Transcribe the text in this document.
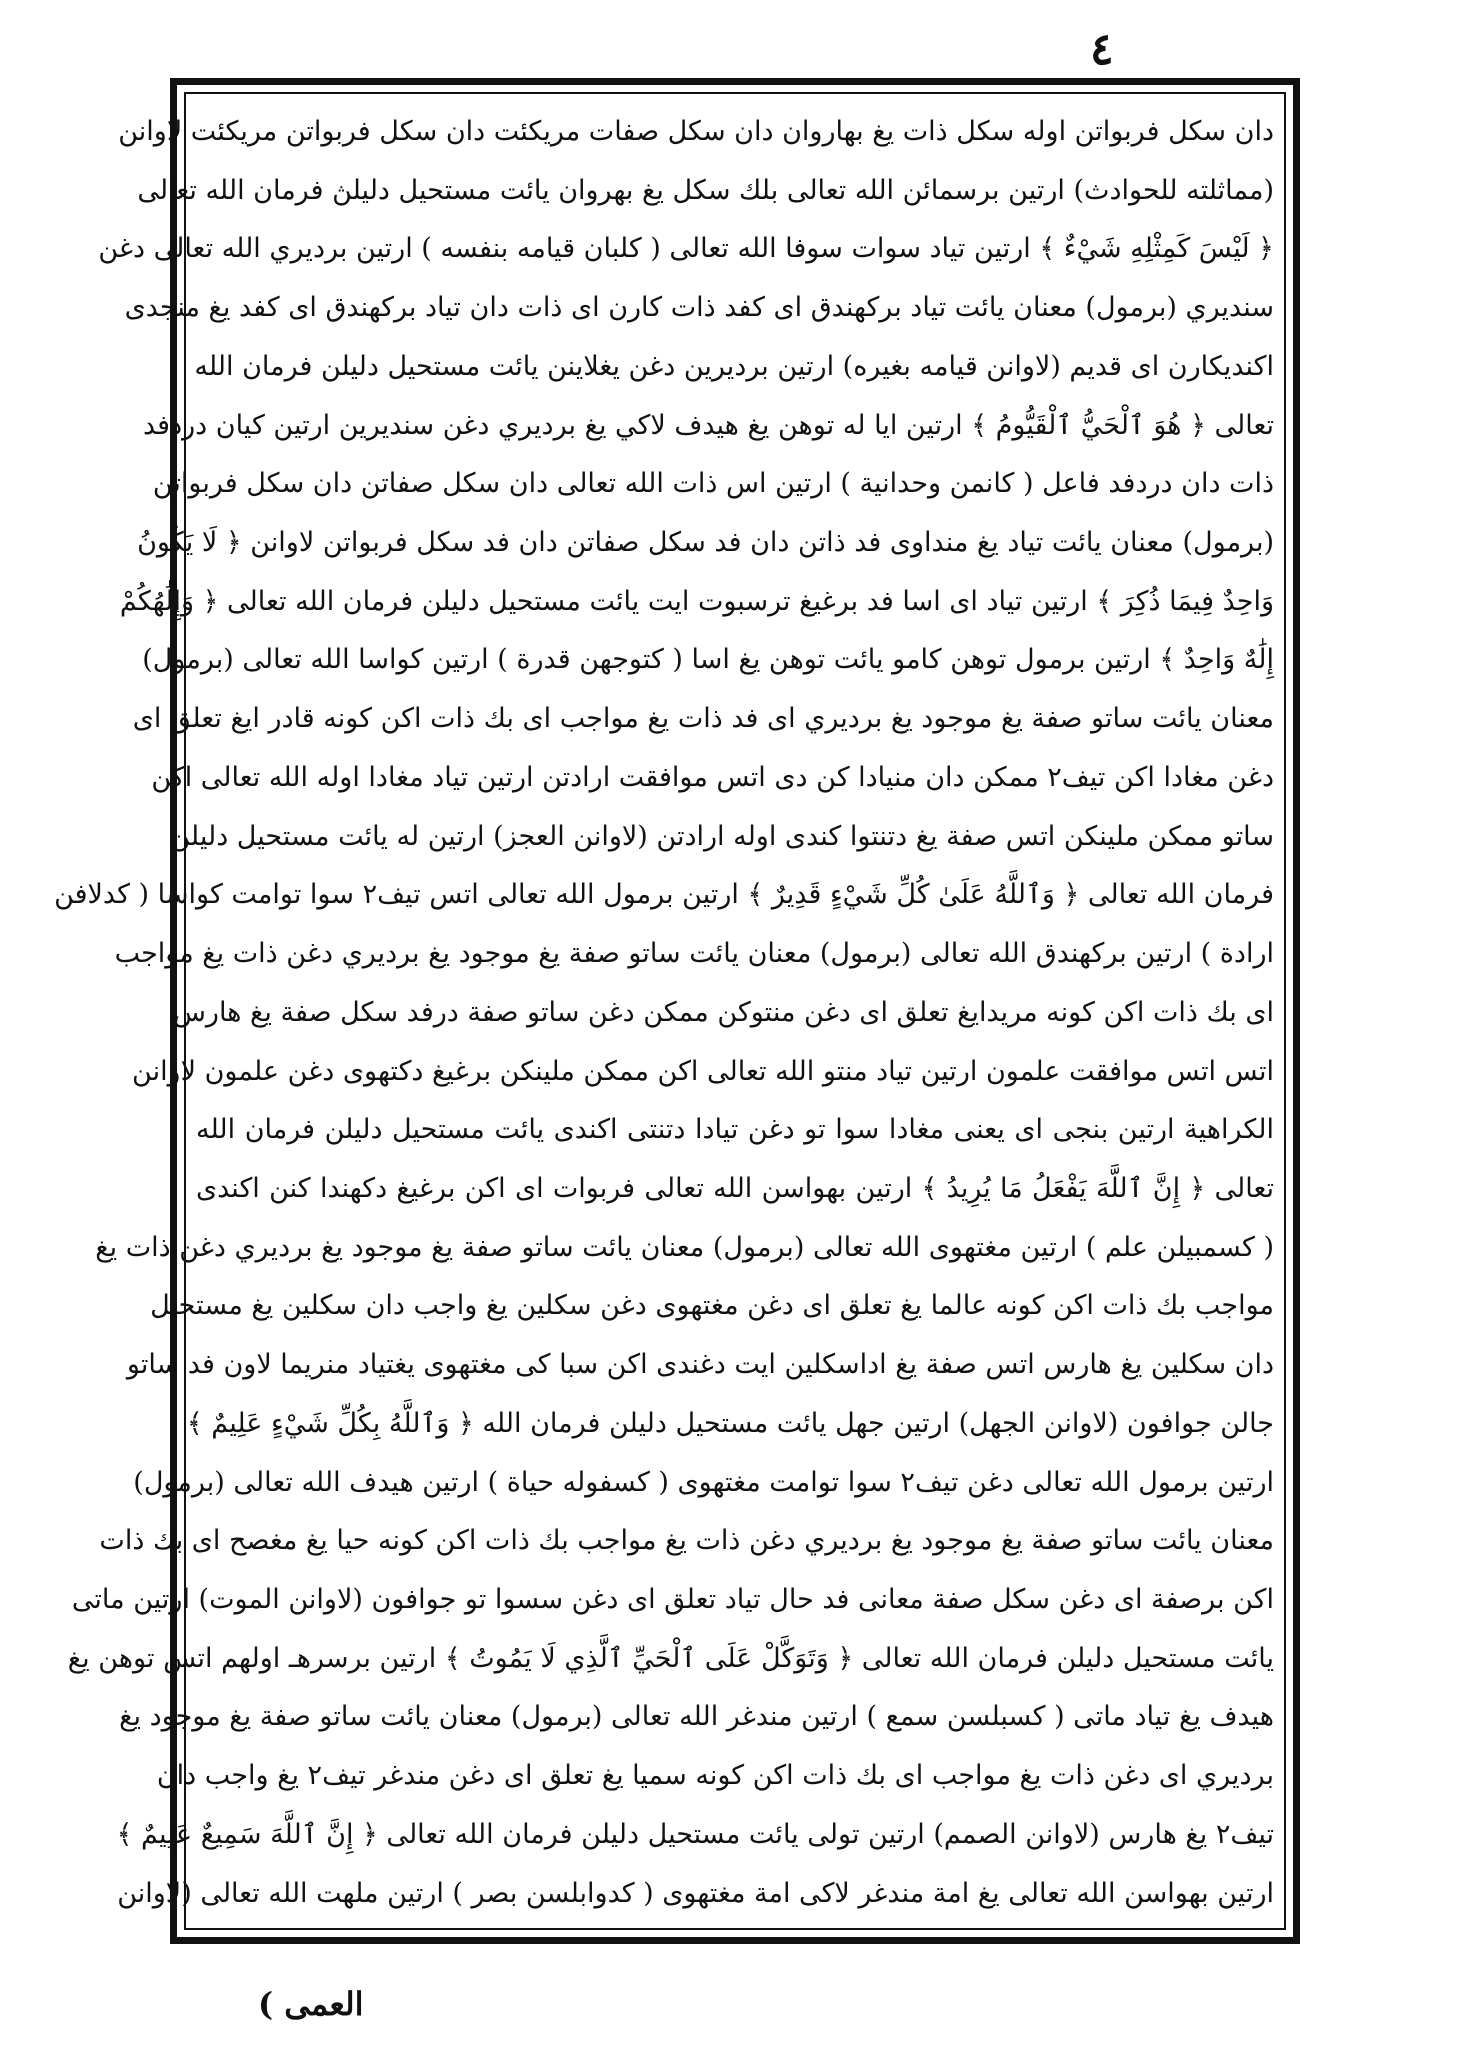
٤
دان سکل فربواتن اوله سکل ذات یغ بهاروان دان سکل صفات مریکئت دان سکل فربواتن مریکئت لاوانن
(مماثلته للحوادث) ارتين برسمائن الله تعالى بلك سکل یغ بهروان يائت مستحيل دليلڽ فرمان الله تعالى
﴿ لَيْسَ كَمِثْلِهِ شَيْءٌ ﴾ ارتين تياد سوات سوفا الله تعالى ( كلبان قيامه بنفسه ) ارتين برديري الله تعالى دغن
سنديري (برمول) معنان يائت تياد بركهندق اى كفد ذات كارن اى ذات دان تياد بركهندق اى كفد يغ منجدى
اكنديكارن اى قديم (لاوانن قيامه بغيره) ارتين برديرين دغن يغلاينن يائت مستحيل دليلن فرمان الله
تعالى ﴿ هُوَ ٱلْحَيُّ ٱلْقَيُّومُ ﴾ ارتين ايا له توهن يغ هيدف لاكي يغ برديري دغن سنديرين ارتين كيان دردفد
ذات دان دردفد فاعل ( كانمن وحدانية ) ارتين اس ذات الله تعالى دان سكل صفاتن دان سكل فربواتن
(برمول) معنان يائت تياد يغ منداوى فد ذاتن دان فد سكل صفاتن دان فد سكل فربواتن لاوانن ﴿ لَا يَكُونُ
وَاحِدٌ فِيمَا ذُكِرَ ﴾ ارتين تياد اى اسا فد برغيغ ترسبوت ايت يائت مستحيل دليلن فرمان الله تعالى ﴿ وَإِلَٰهُكُمْ
إِلَٰهٌ وَاحِدٌ ﴾ ارتين برمول توهن كامو يائت توهن يغ اسا ( كتوجهن قدرة ) ارتين كواسا الله تعالى (برمول)
معنان يائت ساتو صفة يغ موجود يغ برديري اى فد ذات يغ مواجب اى بك ذات اكن كونه قادر ايغ تعلق اى
دغن مغادا اكن تيف٢ ممكن دان منيادا كن دى اتس موافقت ارادتن ارتين تياد مغادا اوله الله تعالى اكن
ساتو ممكن ملينكن اتس صفة يغ دتنتوا كندى اوله ارادتن (لاوانن العجز) ارتين له يائت مستحيل دليلن
فرمان الله تعالى ﴿ وَٱللَّهُ عَلَىٰ كُلِّ شَيْءٍ قَدِيرٌ ﴾ ارتين برمول الله تعالى اتس تيف٢ سوا توامت كواسا ( كدلافن
ارادة ) ارتين بركهندق الله تعالى (برمول) معنان يائت ساتو صفة يغ موجود يغ برديري دغن ذات يغ مواجب
اى بك ذات اكن كونه مريدايغ تعلق اى دغن منتوكن ممكن دغن ساتو صفة درفد سكل صفة يغ هارس
اتس اتس موافقت علمون ارتين تياد منتو الله تعالى اكن ممكن ملينكن برغيغ دكتهوى دغن علمون لاوانن
الكراهية ارتين بنجى اى يعنى مغادا سوا تو دغن تيادا دتنتى اكندى يائت مستحيل دليلن فرمان الله
تعالى ﴿ إِنَّ ٱللَّهَ يَفْعَلُ مَا يُرِيدُ ﴾ ارتين بهواسن الله تعالى فربوات اى اكن برغيغ دكهندا كنن اكندى
( كسمبيلن علم ) ارتين مغتهوى الله تعالى (برمول) معنان يائت ساتو صفة يغ موجود يغ برديري دغن ذات يغ
مواجب بك ذات اكن كونه عالما يغ تعلق اى دغن مغتهوى دغن سكلين يغ واجب دان سكلين يغ مستحيل
دان سكلين يغ هارس اتس صفة يغ اداسكلين ايت دغندى اكن سبا كى مغتهوى يغتياد منريما لاون فد ساتو
جالن جوافون (لاوانن الجهل) ارتين جهل يائت مستحيل دليلن فرمان الله ﴿ وَٱللَّهُ بِكُلِّ شَيْءٍ عَلِيمٌ ﴾
ارتين برمول الله تعالى دغن تيف٢ سوا توامت مغتهوى ( كسفوله حياة ) ارتين هيدف الله تعالى (برمول)
معنان يائت ساتو صفة يغ موجود يغ برديري دغن ذات يغ مواجب بك ذات اكن كونه حيا يغ مغصح اى بك ذات
اكن برصفة اى دغن سكل صفة معانى فد حال تياد تعلق اى دغن سسوا تو جوافون (لاوانن الموت) ارتين ماتى
يائت مستحيل دليلن فرمان الله تعالى ﴿ وَتَوَكَّلْ عَلَى ٱلْحَيِّ ٱلَّذِي لَا يَمُوتُ ﴾ ارتين برسرهـ اولهم اتس توهن يغ
هيدف يغ تياد ماتى ( كسبلسن سمع ) ارتين مندغر الله تعالى (برمول) معنان يائت ساتو صفة يغ موجود يغ
برديري اى دغن ذات يغ مواجب اى بك ذات اكن كونه سميا يغ تعلق اى دغن مندغر تيف٢ يغ واجب دان
تيف٢ يغ هارس (لاوانن الصمم) ارتين تولى يائت مستحيل دليلن فرمان الله تعالى ﴿ إِنَّ ٱللَّهَ سَمِيعٌ عَلِيمٌ ﴾
ارتين بهواسن الله تعالى يغ امة مندغر لاكى امة مغتهوى ( كدوابلسن بصر ) ارتين ملهت الله تعالى (لاوانن
العمى )
